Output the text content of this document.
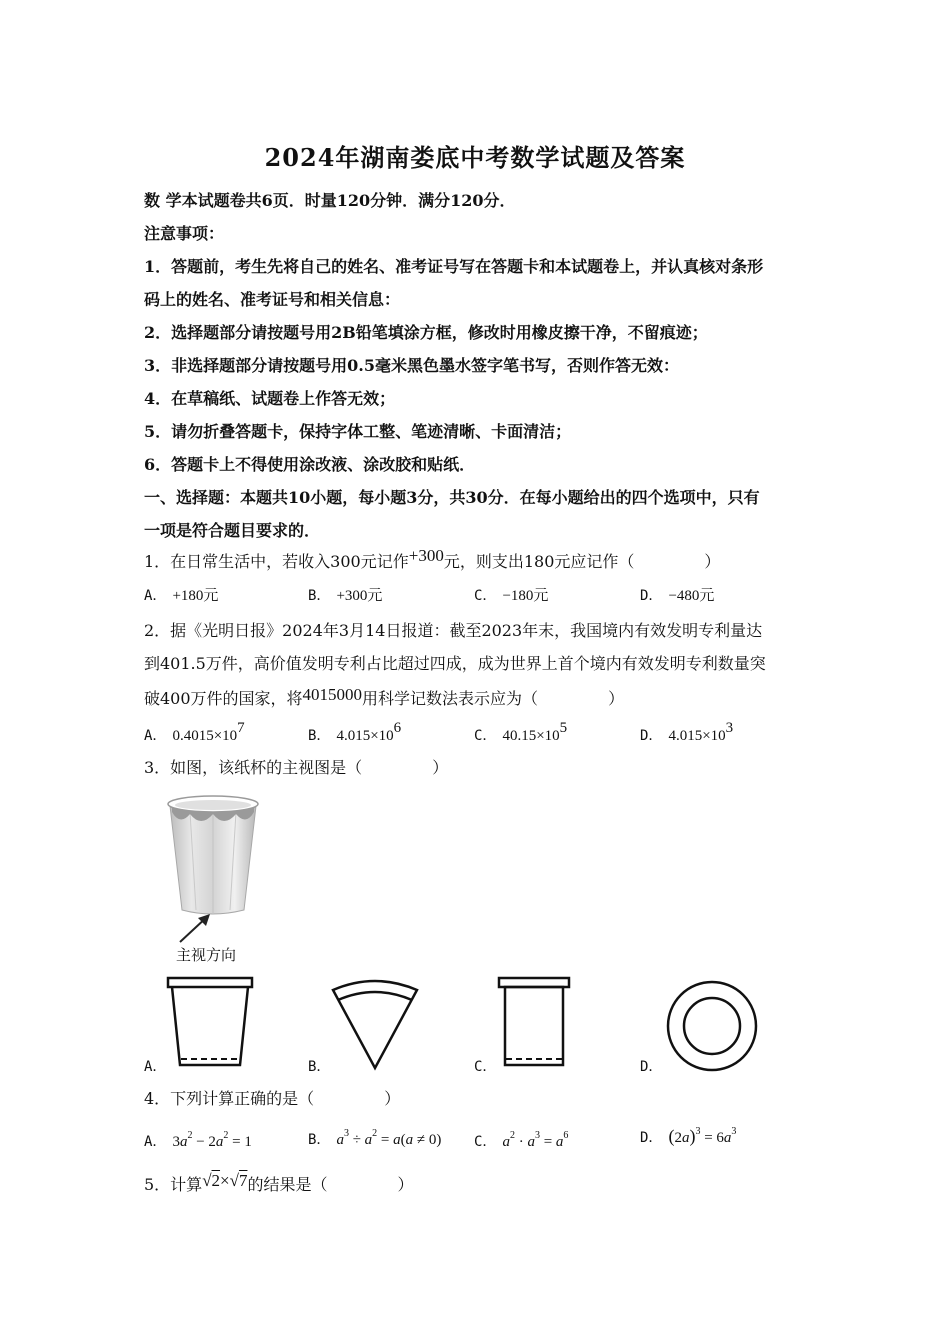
2024年湖南娄底中考数学试题及答案
数 学本试题卷共6页．时量120分钟．满分120分．
注意事项：
1．答题前，考生先将自己的姓名、准考证号写在答题卡和本试题卷上，并认真核对条形
码上的姓名、准考证号和相关信息：
2．选择题部分请按题号用2B铅笔填涂方框，修改时用橡皮擦干净，不留痕迹；
3．非选择题部分请按题号用0.5毫米黑色墨水签字笔书写，否则作答无效：
4．在草稿纸、试题卷上作答无效；
5．请勿折叠答题卡，保持字体工整、笔迹清晰、卡面清洁；
6．答题卡上不得使用涂改液、涂改胶和贴纸．
一、选择题：本题共10小题，每小题3分，共30分．在每小题给出的四个选项中，只有
一项是符合题目要求的．
1．在日常生活中，若收入300元记作+300元，则支出180元应记作（	）
A． +180元	B． +300元	C． −180元	D． −480元
2．据《光明日报》2024年3月14日报道：截至2023年末，我国境内有效发明专利量达
到401.5万件，高价值发明专利占比超过四成，成为世界上首个境内有效发明专利数量突
破400万件的国家，将4015000用科学记数法表示应为（	）
A． $0.4015\times 10^7$	B． $4.015\times 10^6$	C． $40.15\times 10^5$	D． $4.015\times 10^3$
3．如图，该纸杯的主视图是（	）
主视方向
A．	B．	C．	D．
4．下列计算正确的是（	）
A． $3a^2 - 2a^2 = 1$	B． $a^3 \div a^2 = a(a \ne 0)$ C． $a^2 \cdot a^3 = a^6$	D． $(2a)^3 = 6a^3$
5．计算√2×√7的结果是（	）
